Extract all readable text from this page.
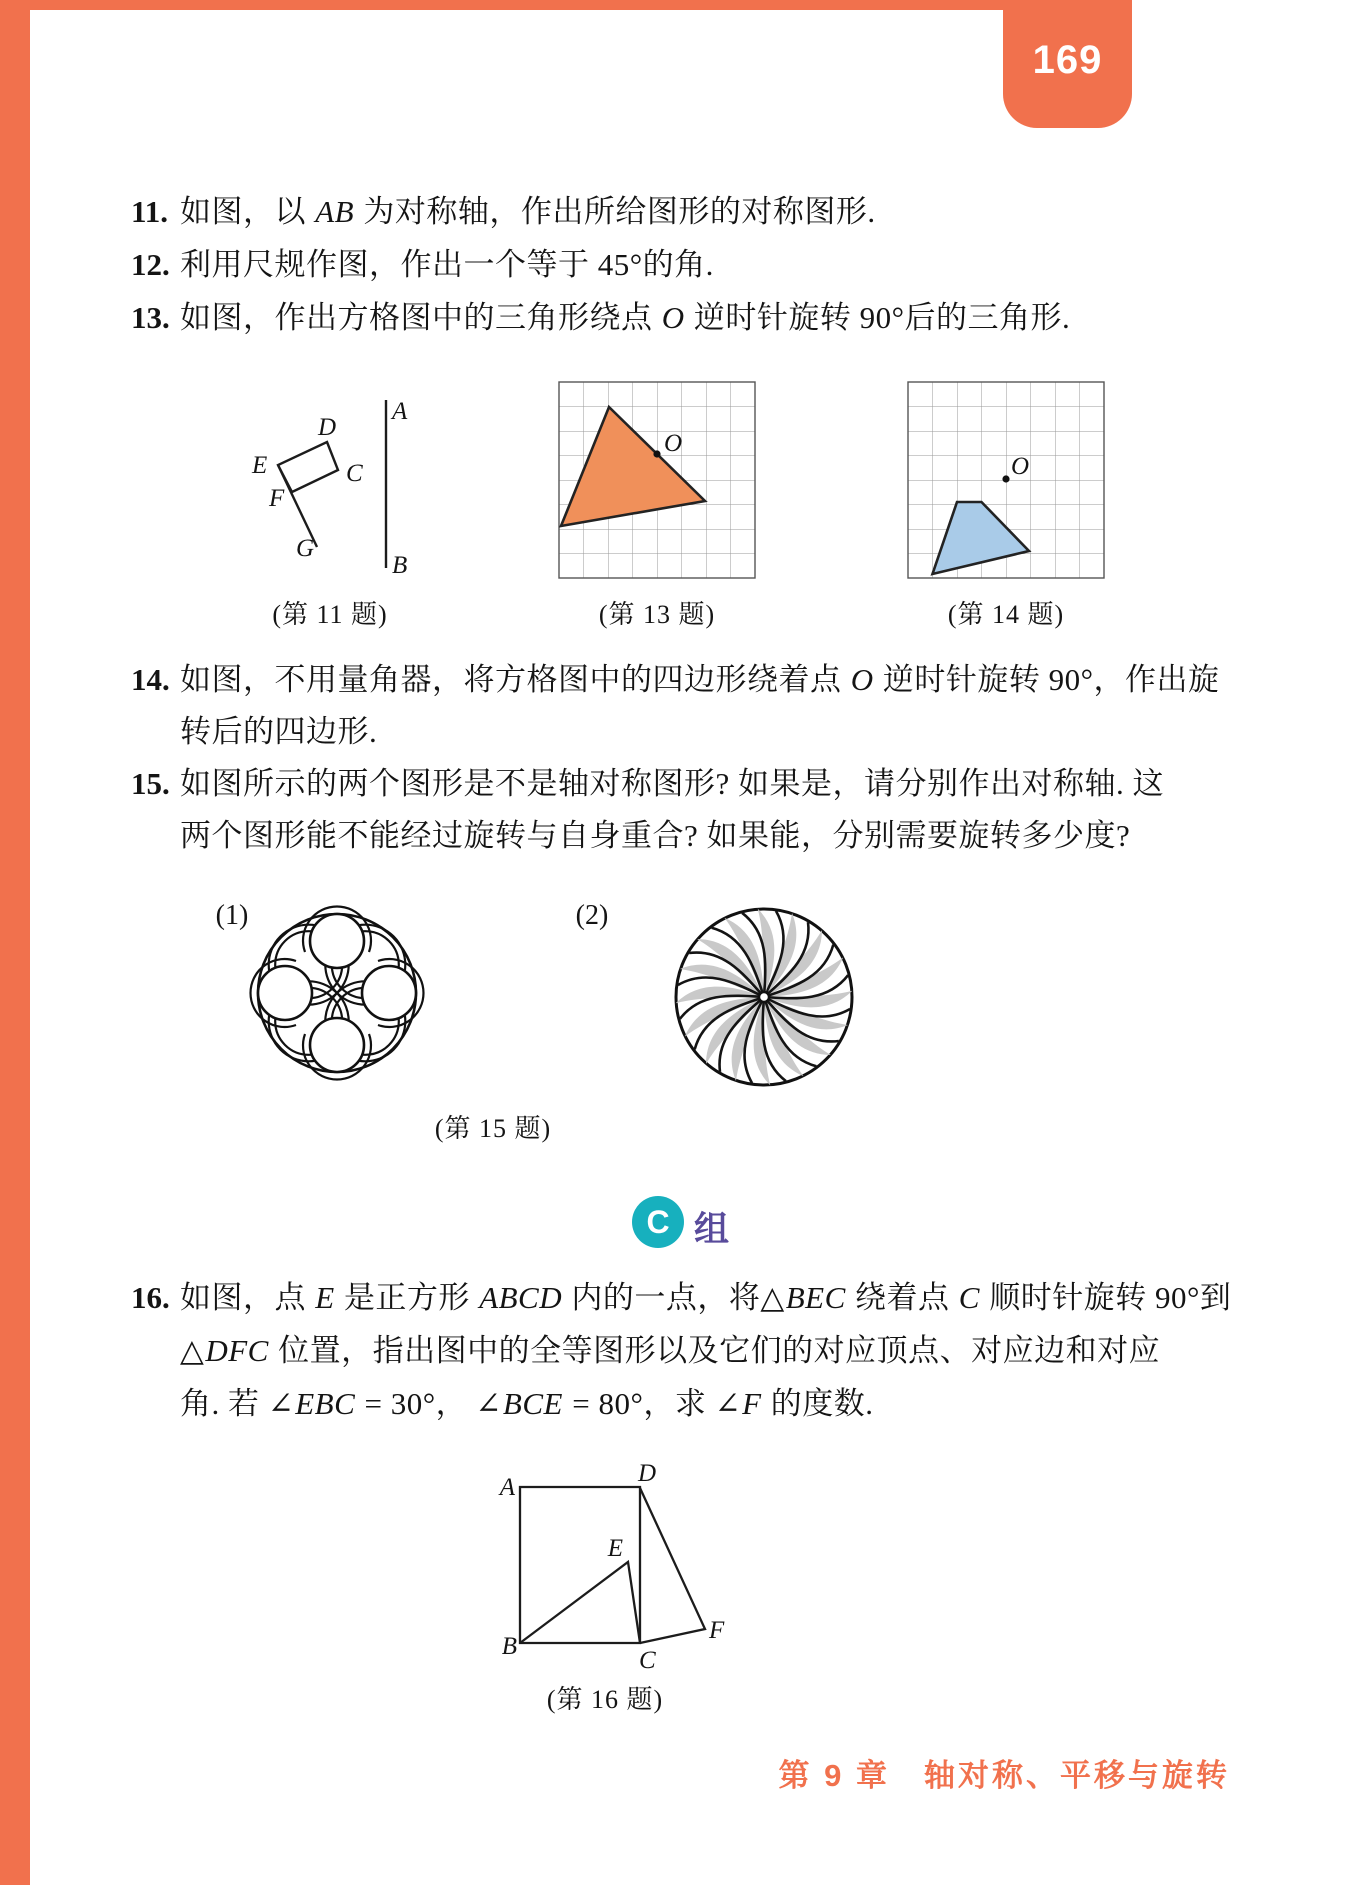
169
11. 如图，以 AB 为对称轴，作出所给图形的对称图形.
12. 利用尺规作图，作出一个等于 45°的角.
13. 如图，作出方格图中的三角形绕点 O 逆时针旋转 90°后的三角形.
A
B
D
E	C
F
G
O
O
(第 11 题)	(第 13 题)	(第 14 题)
14. 如图，不用量角器，将方格图中的四边形绕着点 O 逆时针旋转 90°，作出旋
转后的四边形.
15. 如图所示的两个图形是不是轴对称图形? 如果是，请分别作出对称轴. 这
两个图形能不能经过旋转与自身重合? 如果能，分别需要旋转多少度?
(1)	(2)
(第 15 题)
C 组
16. 如图，点 E 是正方形 ABCD 内的一点，将△BEC 绕着点 C 顺时针旋转 90°到
△DFC 位置，指出图中的全等图形以及它们的对应顶点、对应边和对应
角. 若 ∠EBC = 30°， ∠BCE = 80°，求 ∠F 的度数.
A
D
B
C
E
F
(第 16 题)
第 9 章　轴对称、平移与旋转
